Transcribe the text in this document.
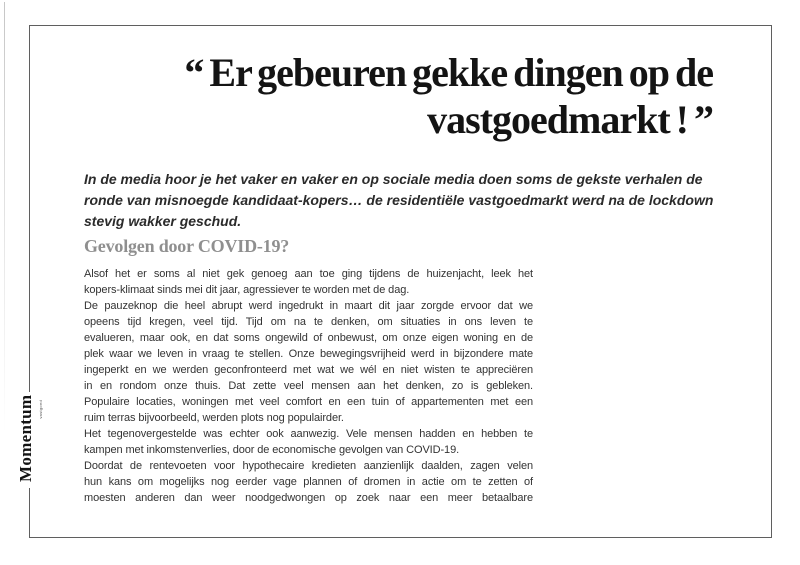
Momentum vastgoed
“ Er gebeuren gekke dingen op de
vastgoedmarkt ! ”
In de media hoor je het vaker en vaker en op sociale media doen soms de gekste verhalen de
ronde van misnoegde kandidaat-kopers… de residentiële vastgoedmarkt werd na de lockdown
stevig wakker geschud.
Gevolgen door COVID-19?
Alsof het er soms al niet gek genoeg aan toe ging tijdens de huizenjacht, leek het
kopers-klimaat sinds mei dit jaar, agressiever te worden met de dag.
De pauzeknop die heel abrupt werd ingedrukt in maart dit jaar zorgde ervoor dat we
opeens tijd kregen, veel tijd. Tijd om na te denken, om situaties in ons leven te
evalueren, maar ook, en dat soms ongewild of onbewust, om onze eigen woning en de
plek waar we leven in vraag te stellen. Onze bewegingsvrijheid werd in bijzondere mate
ingeperkt en we werden geconfronteerd met wat we wél en niet wisten te appreciëren
in en rondom onze thuis. Dat zette veel mensen aan het denken, zo is gebleken.
Populaire locaties, woningen met veel comfort en een tuin of appartementen met een
ruim terras bijvoorbeeld, werden plots nog populairder.
Het tegenovergestelde was echter ook aanwezig. Vele mensen hadden en hebben te
kampen met inkomstenverlies, door de economische gevolgen van COVID-19.
Doordat de rentevoeten voor hypothecaire kredieten aanzienlijk daalden, zagen velen
hun kans om mogelijks nog eerder vage plannen of dromen in actie om te zetten of
moesten anderen dan weer noodgedwongen op zoek naar een meer betaalbare
